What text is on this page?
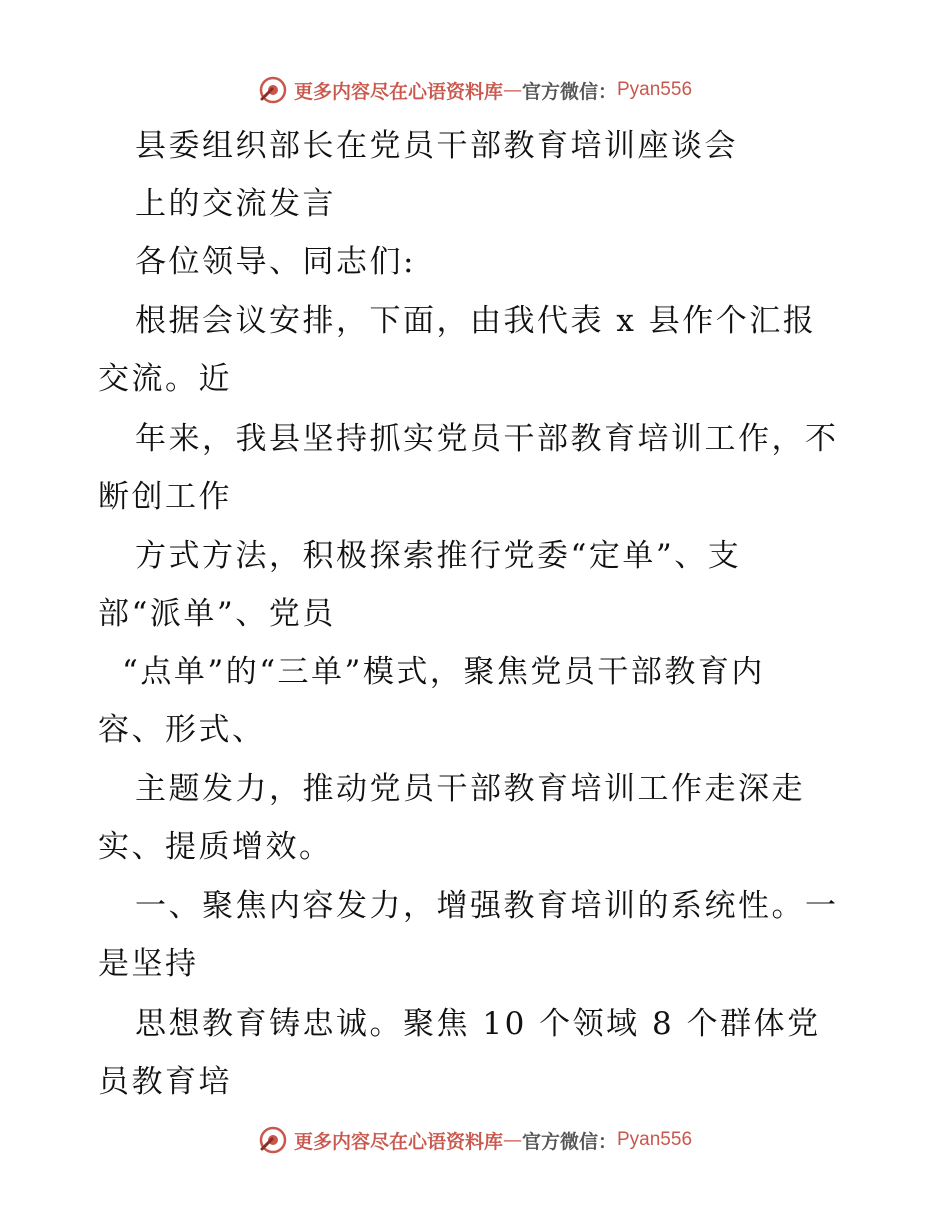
更多内容尽在心语资料库 — 官方微信： Pyan556
县委组织部长在党员干部教育培训座谈会
上的交流发言
各位领导、同志们:
根据会议安排，下面，由我代表 x 县作个汇报
交流。近
年来，我县坚持抓实党员干部教育培训工作，不
断创工作
方式方法，积极探索推行党委“定单”、支
部“派单”、党员
“点单”的“三单”模式，聚焦党员干部教育内
容、形式、
主题发力，推动党员干部教育培训工作走深走
实、提质增效。
一、聚焦内容发力，增强教育培训的系统性。一
是坚持
思想教育铸忠诚。聚焦 10 个领域 8 个群体党
员教育培
更多内容尽在心语资料库 — 官方微信： Pyan556
